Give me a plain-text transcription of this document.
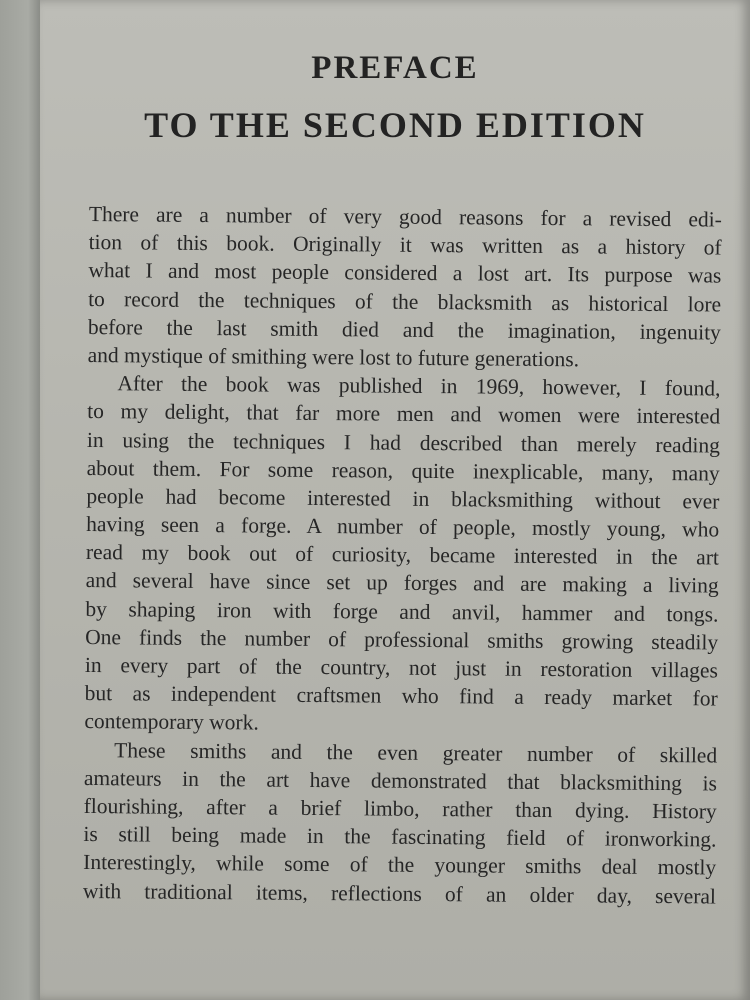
PREFACE
TO THE SECOND EDITION
There are a number of very good reasons for a revised edi-
tion of this book. Originally it was written as a history of
what I and most people considered a lost art. Its purpose was
to record the techniques of the blacksmith as historical lore
before the last smith died and the imagination, ingenuity
and mystique of smithing were lost to future generations.
After the book was published in 1969, however, I found,
to my delight, that far more men and women were interested
in using the techniques I had described than merely reading
about them. For some reason, quite inexplicable, many, many
people had become interested in blacksmithing without ever
having seen a forge. A number of people, mostly young, who
read my book out of curiosity, became interested in the art
and several have since set up forges and are making a living
by shaping iron with forge and anvil, hammer and tongs.
One finds the number of professional smiths growing steadily
in every part of the country, not just in restoration villages
but as independent craftsmen who find a ready market for
contemporary work.
These smiths and the even greater number of skilled
amateurs in the art have demonstrated that blacksmithing is
flourishing, after a brief limbo, rather than dying. History
is still being made in the fascinating field of ironworking.
Interestingly, while some of the younger smiths deal mostly
with traditional items, reflections of an older day, several
